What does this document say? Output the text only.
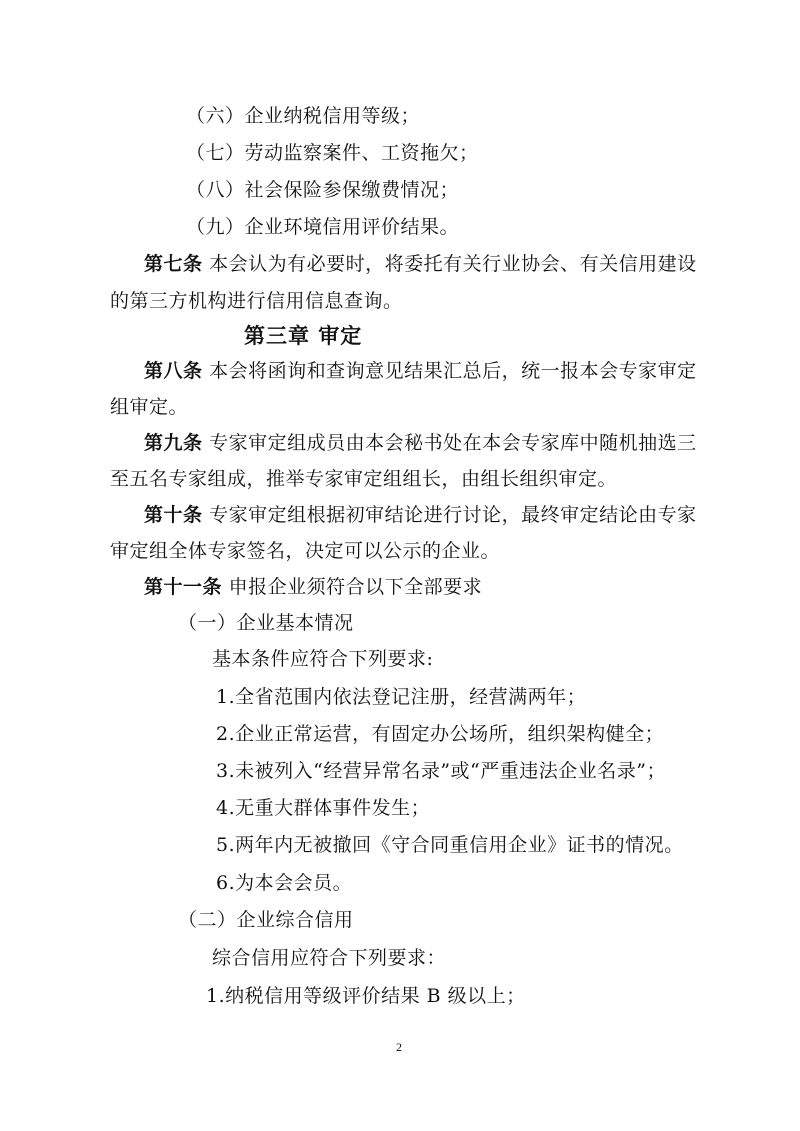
（六）企业纳税信用等级；
（七）劳动监察案件、工资拖欠；
（八）社会保险参保缴费情况；
（九）企业环境信用评价结果。
第七条 本会认为有必要时，将委托有关行业协会、有关信用建设
的第三方机构进行信用信息查询。
第三章 审定
第八条 本会将函询和查询意见结果汇总后，统一报本会专家审定
组审定。
第九条 专家审定组成员由本会秘书处在本会专家库中随机抽选三
至五名专家组成，推举专家审定组组长，由组长组织审定。
第十条 专家审定组根据初审结论进行讨论，最终审定结论由专家
审定组全体专家签名，决定可以公示的企业。
第十一条 申报企业须符合以下全部要求
（一）企业基本情况
基本条件应符合下列要求:
1.全省范围内依法登记注册，经营满两年；
2.企业正常运营，有固定办公场所，组织架构健全；
3.未被列入“经营异常名录”或“严重违法企业名录”；
4.无重大群体事件发生；
5.两年内无被撤回《守合同重信用企业》证书的情况。
6.为本会会员。
（二）企业综合信用
综合信用应符合下列要求：
1.纳税信用等级评价结果 B 级以上；
2
